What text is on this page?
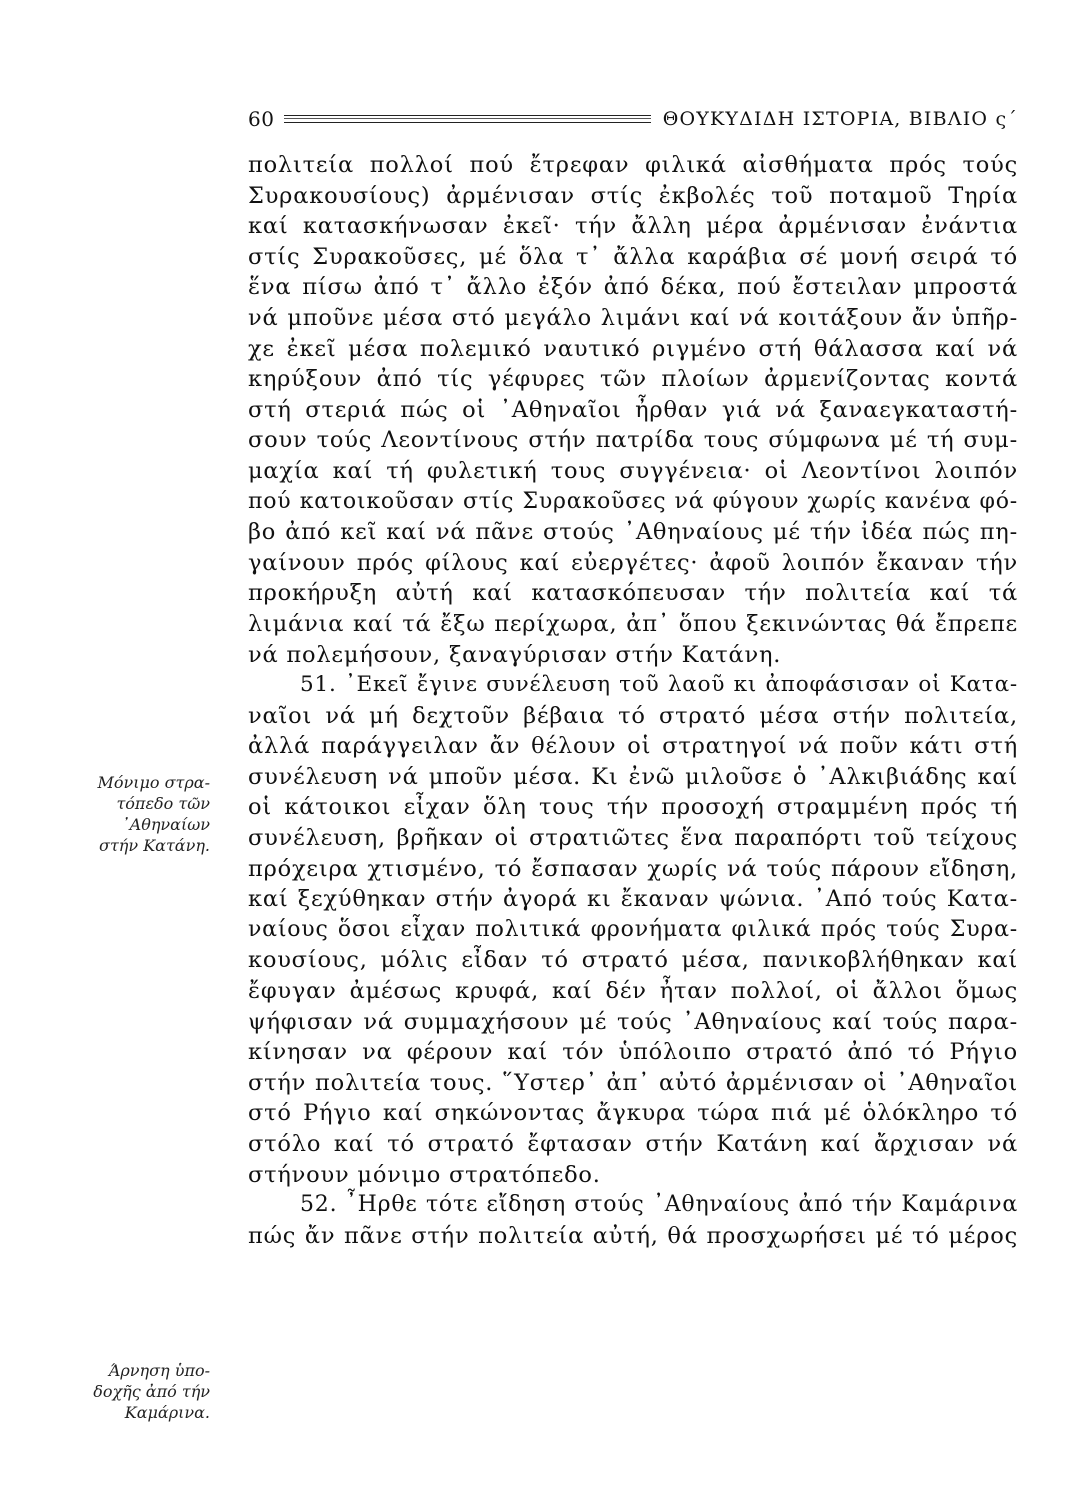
60	ΘΟΥΚΥΔΙΔΗ ΙΣΤΟΡΙΑ, ΒΙΒΛΙΟ ς΄
πολιτεία πολλοί πού ἔτρεφαν φιλικά αἰσθήματα πρός τούς
Συρακουσίους) ἀρμένισαν στίς ἐκβολές τοῦ ποταμοῦ Τηρία
καί κατασκήνωσαν ἐκεῖ· τήν ἄλλη μέρα ἀρμένισαν ἐνάντια
στίς Συρακοῦσες, μέ ὅλα τ᾿ ἄλλα καράβια σέ μονή σειρά τό
ἕνα πίσω ἀπό τ᾿ ἄλλο ἐξόν ἀπό δέκα, πού ἔστειλαν μπροστά
νά μποῦνε μέσα στό μεγάλο λιμάνι καί νά κοιτάξουν ἄν ὑπῆρ-
χε ἐκεῖ μέσα πολεμικό ναυτικό ριγμένο στή θάλασσα καί νά
κηρύξουν ἀπό τίς γέφυρες τῶν πλοίων ἀρμενίζοντας κοντά
στή στεριά πώς οἱ ᾿Αθηναῖοι ἦρθαν γιά νά ξαναεγκαταστή-
σουν τούς Λεοντίνους στήν πατρίδα τους σύμφωνα μέ τή συμ-
μαχία καί τή φυλετική τους συγγένεια· οἱ Λεοντίνοι λοιπόν
πού κατοικοῦσαν στίς Συρακοῦσες νά φύγουν χωρίς κανένα φό-
βο ἀπό κεῖ καί νά πᾶνε στούς ᾿Αθηναίους μέ τήν ἰδέα πώς πη-
γαίνουν πρός φίλους καί εὐεργέτες· ἀφοῦ λοιπόν ἔκαναν τήν
προκήρυξη αὐτή καί κατασκόπευσαν τήν πολιτεία καί τά
λιμάνια καί τά ἔξω περίχωρα, ἀπ᾿ ὅπου ξεκινώντας θά ἔπρεπε
νά πολεμήσουν, ξαναγύρισαν στήν Κατάνη.
51. ᾿Εκεῖ ἔγινε συνέλευση τοῦ λαοῦ κι ἀποφάσισαν οἱ Κατα-
ναῖοι νά μή δεχτοῦν βέβαια τό στρατό μέσα στήν πολιτεία,
ἀλλά παράγγειλαν ἄν θέλουν οἱ στρατηγοί νά ποῦν κάτι στή
συνέλευση νά μποῦν μέσα. Κι ἐνῶ μιλοῦσε ὁ ᾿Αλκιβιάδης καί
οἱ κάτοικοι εἶχαν ὅλη τους τήν προσοχή στραμμένη πρός τή
συνέλευση, βρῆκαν οἱ στρατιῶτες ἕνα παραπόρτι τοῦ τείχους
πρόχειρα χτισμένο, τό ἔσπασαν χωρίς νά τούς πάρουν εἴδηση,
καί ξεχύθηκαν στήν ἀγορά κι ἔκαναν ψώνια. ᾿Από τούς Κατα-
ναίους ὅσοι εἶχαν πολιτικά φρονήματα φιλικά πρός τούς Συρα-
κουσίους, μόλις εἶδαν τό στρατό μέσα, πανικοβλήθηκαν καί
ἔφυγαν ἀμέσως κρυφά, καί δέν ἦταν πολλοί, οἱ ἄλλοι ὅμως
ψήφισαν νά συμμαχήσουν μέ τούς ᾿Αθηναίους καί τούς παρα-
κίνησαν να φέρουν καί τόν ὑπόλοιπο στρατό ἀπό τό Ρήγιο
στήν πολιτεία τους. ῞Υστερ᾿ ἀπ᾿ αὐτό ἀρμένισαν οἱ ᾿Αθηναῖοι
στό Ρήγιο καί σηκώνοντας ἄγκυρα τώρα πιά μέ ὁλόκληρο τό
στόλο καί τό στρατό ἔφτασαν στήν Κατάνη καί ἄρχισαν νά
στήνουν μόνιμο στρατόπεδο.
52. ῏Ηρθε τότε εἴδηση στούς ᾿Αθηναίους ἀπό τήν Καμάρινα
πώς ἄν πᾶνε στήν πολιτεία αὐτή, θά προσχωρήσει μέ τό μέρος
Μόνιμο στρα-
τόπεδο τῶν
᾿Αθηναίων
στήν Κατάνη.
Άρνηση ὑπο-
δοχῆς ἀπό τήν
Καμάρινα.
